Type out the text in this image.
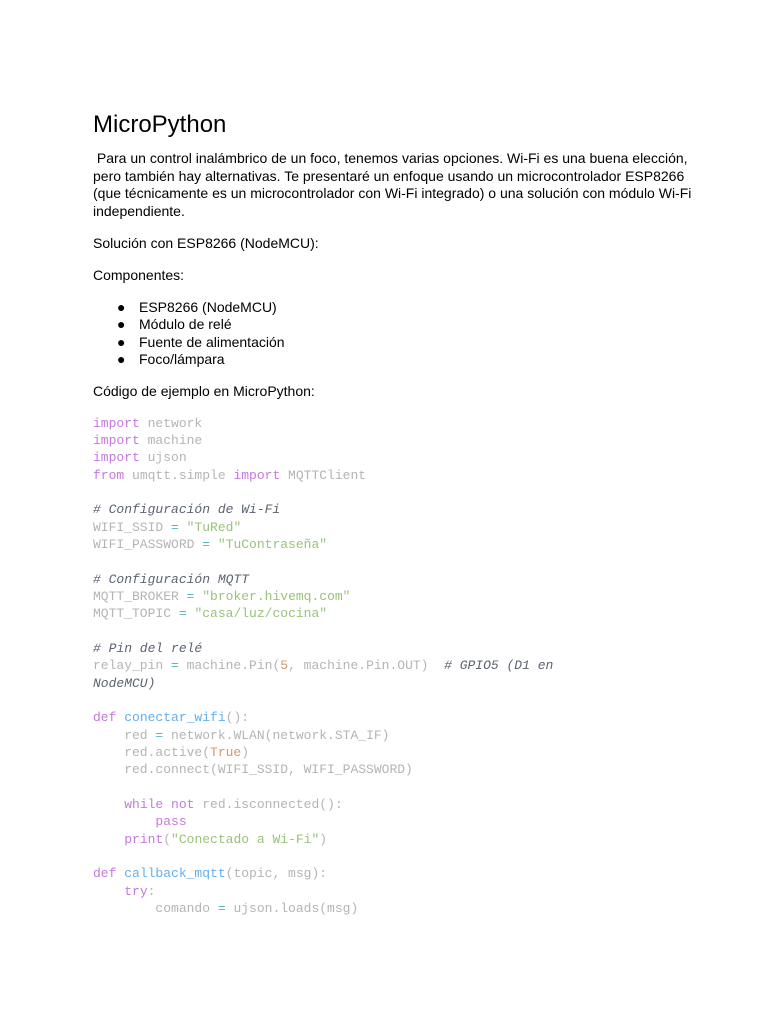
MicroPython

Para un control inalámbrico de un foco, tenemos varias opciones. Wi-Fi es una buena elección, pero también hay alternativas. Te presentaré un enfoque usando un microcontrolador ESP8266 (que técnicamente es un microcontrolador con Wi-Fi integrado) o una solución con módulo Wi-Fi independiente.

Solución con ESP8266 (NodeMCU):

Componentes:

● ESP8266 (NodeMCU)
● Módulo de relé
● Fuente de alimentación
● Foco/lámpara

Código de ejemplo en MicroPython:

import network
import machine
import ujson
from umqtt.simple import MQTTClient
# Configuración de Wi-Fi
WIFI_SSID = "TuRed"
WIFI_PASSWORD = "TuContraseña"
# Configuración MQTT
MQTT_BROKER = "broker.hivemq.com"
MQTT_TOPIC = "casa/luz/cocina"
# Pin del relé
relay_pin = machine.Pin(5, machine.Pin.OUT)  # GPIO5 (D1 en
NodeMCU)
def conectar_wifi():
red = network.WLAN(network.STA_IF)
red.active(True)
red.connect(WIFI_SSID, WIFI_PASSWORD)
while not red.isconnected():
pass
print("Conectado a Wi-Fi")
def callback_mqtt(topic, msg):
try:
comando = ujson.loads(msg)
